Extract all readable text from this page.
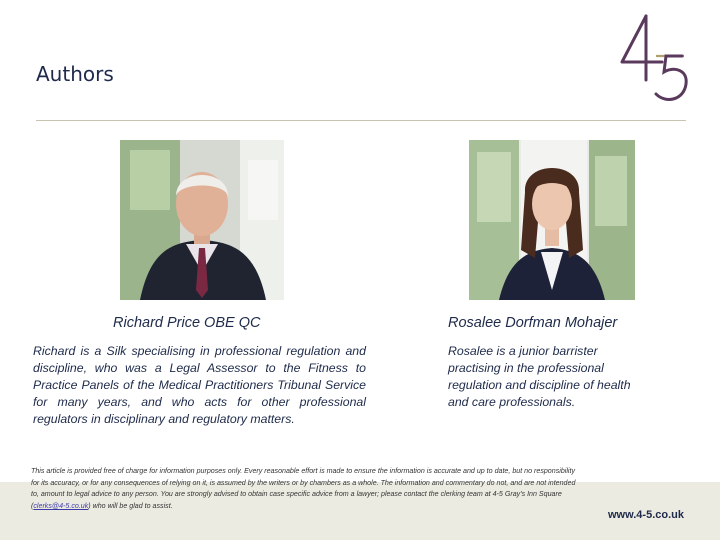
Authors
Richard Price OBE QC	Rosalee Dorfman Mohajer
Richard is a Silk specialising in professional regulation and discipline, who was a Legal Assessor to the Fitness to Practice Panels of the Medical Practitioners Tribunal Service for many years, and who acts for other professional regulators in disciplinary and regulatory matters.
Rosalee is a junior barrister practising in the professional regulation and discipline of health and care professionals.
This article is provided free of charge for information purposes only. Every reasonable effort is made to ensure the information is accurate and up to date, but no responsibility for its accuracy, or for any consequences of relying on it, is assumed by the writers or by chambers as a whole. The information and commentary do not, and are not intended to, amount to legal advice to any person. You are strongly advised to obtain case specific advice from a lawyer; please contact the clerking team at 4-5 Gray's Inn Square (clerks@4-5.co.uk) who will be glad to assist.
www.4-5.co.uk
